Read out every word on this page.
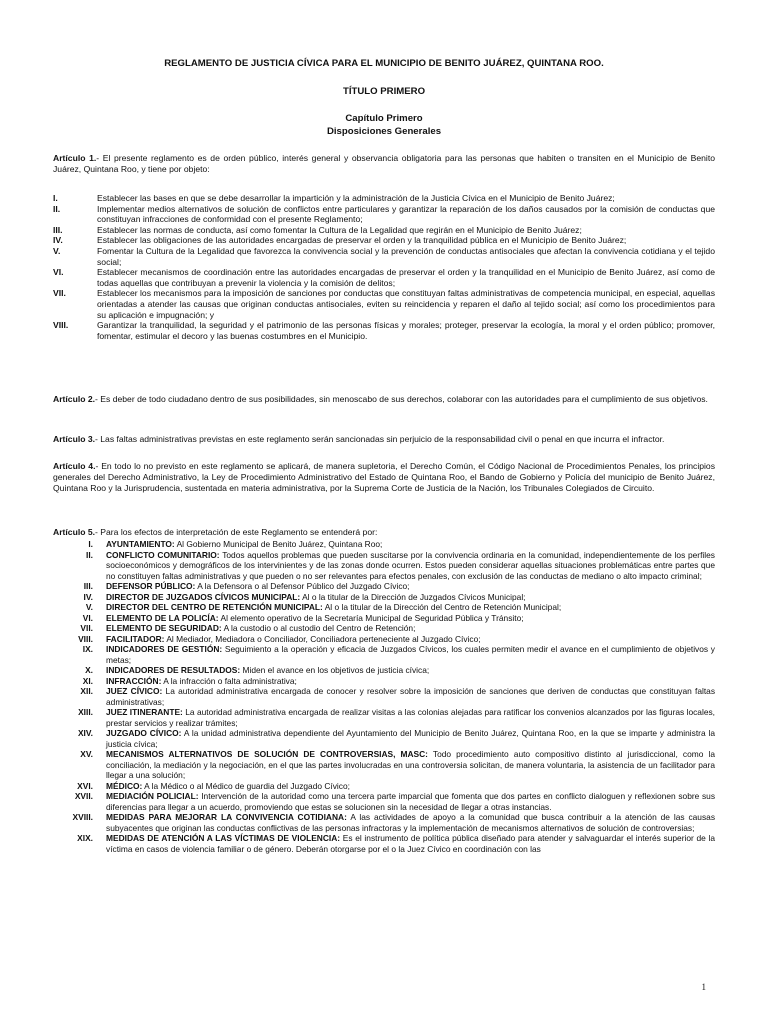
REGLAMENTO DE JUSTICIA CÍVICA PARA EL MUNICIPIO DE BENITO JUÁREZ, QUINTANA ROO.
TÍTULO PRIMERO
Capítulo Primero
Disposiciones Generales
Artículo 1.- El presente reglamento es de orden público, interés general y observancia obligatoria para las personas que habiten o transiten en el Municipio de Benito Juárez, Quintana Roo, y tiene por objeto:
I.	Establecer las bases en que se debe desarrollar la impartición y la administración de la Justicia Cívica en el Municipio de Benito Juárez;
II.	Implementar medios alternativos de solución de conflictos entre particulares y garantizar la reparación de los daños causados por la comisión de conductas que constituyan infracciones de conformidad con el presente Reglamento;
III.	Establecer las normas de conducta, así como fomentar la Cultura de la Legalidad que regirán en el Municipio de Benito Juárez;
IV.	Establecer las obligaciones de las autoridades encargadas de preservar el orden y la tranquilidad pública en el Municipio de Benito Juárez;
V.	Fomentar la Cultura de la Legalidad que favorezca la convivencia social y la prevención de conductas antisociales que afectan la convivencia cotidiana y el tejido social;
VI.	Establecer mecanismos de coordinación entre las autoridades encargadas de preservar el orden y la tranquilidad en el Municipio de Benito Juárez, así como de todas aquellas que contribuyan a prevenir la violencia y la comisión de delitos;
VII.	Establecer los mecanismos para la imposición de sanciones por conductas que constituyan faltas administrativas de competencia municipal, en especial, aquellas orientadas a atender las causas que originan conductas antisociales, eviten su reincidencia y reparen el daño al tejido social; así como los procedimientos para su aplicación e impugnación; y
VIII.	Garantizar la tranquilidad, la seguridad y el patrimonio de las personas físicas y morales; proteger, preservar la ecología, la moral y el orden público; promover, fomentar, estimular el decoro y las buenas costumbres en el Municipio.
Artículo 2.- Es deber de todo ciudadano dentro de sus posibilidades, sin menoscabo de sus derechos, colaborar con las autoridades para el cumplimiento de sus objetivos.
Artículo 3.- Las faltas administrativas previstas en este reglamento serán sancionadas sin perjuicio de la responsabilidad civil o penal en que incurra el infractor.
Artículo 4.- En todo lo no previsto en este reglamento se aplicará, de manera supletoria, el Derecho Común, el Código Nacional de Procedimientos Penales, los principios generales del Derecho Administrativo, la Ley de Procedimiento Administrativo del Estado de Quintana Roo, el Bando de Gobierno y Policía del municipio de Benito Juárez, Quintana Roo y la Jurisprudencia, sustentada en materia administrativa, por la Suprema Corte de Justicia de la Nación, los Tribunales Colegiados de Circuito.
Artículo 5.- Para los efectos de interpretación de este Reglamento se entenderá por:
I. AYUNTAMIENTO: Al Gobierno Municipal de Benito Juárez, Quintana Roo;
II. CONFLICTO COMUNITARIO: Todos aquellos problemas que pueden suscitarse por la convivencia ordinaria en la comunidad, independientemente de los perfiles socioeconómicos y demográficos de los intervinientes y de las zonas donde ocurren. Estos pueden considerar aquellas situaciones problemáticas entre partes que no constituyen faltas administrativas y que pueden o no ser relevantes para efectos penales, con exclusión de las conductas de mediano o alto impacto criminal;
III. DEFENSOR PÚBLICO: A la Defensora o al Defensor Público del Juzgado Cívico;
IV. DIRECTOR DE JUZGADOS CÍVICOS MUNICIPAL: Al o la titular de la Dirección de Juzgados Cívicos Municipal;
V. DIRECTOR DEL CENTRO DE RETENCIÓN MUNICIPAL: Al o la titular de la Dirección del Centro de Retención Municipal;
VI. ELEMENTO DE LA POLICÍA: Al elemento operativo de la Secretaría Municipal de Seguridad Pública y Tránsito;
VII. ELEMENTO DE SEGURIDAD: A la custodio o al custodio del Centro de Retención;
VIII. FACILITADOR: Al Mediador, Mediadora o Conciliador, Conciliadora perteneciente al Juzgado Cívico;
IX. INDICADORES DE GESTIÓN: Seguimiento a la operación y eficacia de Juzgados Cívicos, los cuales permiten medir el avance en el cumplimiento de objetivos y metas;
X. INDICADORES DE RESULTADOS: Miden el avance en los objetivos de justicia cívica;
XI. INFRACCIÓN: A la infracción o falta administrativa;
XII. JUEZ CÍVICO: La autoridad administrativa encargada de conocer y resolver sobre la imposición de sanciones que deriven de conductas que constituyan faltas administrativas;
XIII. JUEZ ITINERANTE: La autoridad administrativa encargada de realizar visitas a las colonias alejadas para ratificar los convenios alcanzados por las figuras locales, prestar servicios y realizar trámites;
XIV. JUZGADO CÍVICO: A la unidad administrativa dependiente del Ayuntamiento del Municipio de Benito Juárez, Quintana Roo, en la que se imparte y administra la justicia cívica;
XV. MECANISMOS ALTERNATIVOS DE SOLUCIÓN DE CONTROVERSIAS, MASC: Todo procedimiento auto compositivo distinto al jurisdiccional, como la conciliación, la mediación y la negociación, en el que las partes involucradas en una controversia solicitan, de manera voluntaria, la asistencia de un facilitador para llegar a una solución;
XVI. MÉDICO: A la Médico o al Médico de guardia del Juzgado Cívico;
XVII. MEDIACIÓN POLICIAL: Intervención de la autoridad como una tercera parte imparcial que fomenta que dos partes en conflicto dialoguen y reflexionen sobre sus diferencias para llegar a un acuerdo, promoviendo que estas se solucionen sin la necesidad de llegar a otras instancias.
XVIII. MEDIDAS PARA MEJORAR LA CONVIVENCIA COTIDIANA: A las actividades de apoyo a la comunidad que busca contribuir a la atención de las causas subyacentes que originan las conductas conflictivas de las personas infractoras y la implementación de mecanismos alternativos de solución de controversias;
XIX. MEDIDAS DE ATENCIÓN A LAS VÍCTIMAS DE VIOLENCIA: Es el instrumento de política pública diseñado para atender y salvaguardar el interés superior de la víctima en casos de violencia familiar o de género. Deberán otorgarse por el o la Juez Cívico en coordinación con las
1
